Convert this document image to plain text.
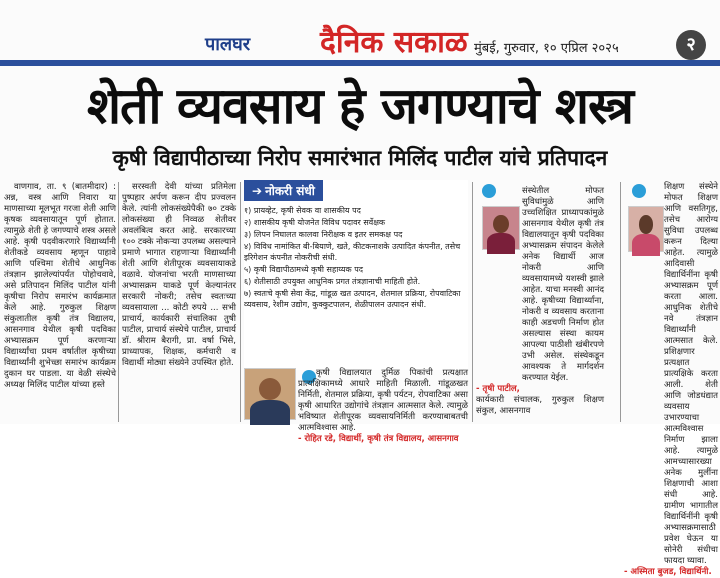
पालघर दैनिक सकाळ मुंबई, गुरुवार, १० एप्रिल २०२५	२
शेती व्यवसाय हे जगण्याचे शस्त्र
कृषी विद्यापीठाच्या निरोप समारंभात मिलिंद पाटील यांचे प्रतिपादन

वाणगाव, ता. ९ (बातमीदार) : अन्न, वस्त्र आणि निवारा या माणसाच्या मूलभूत गरजा शेती आणि कृषक व्यवसायातून पूर्ण होतात. त्यामुळे शेती हे जगण्याचे शस्त्र असले आहे. कृषी पदवीकरणारे विद्यार्थ्यांनी शेतीकडे व्यवसाय म्हणून पाहावे आणि पश्चिमा शेतीचे आधुनिक तंत्रज्ञान झालेल्यांपर्यंत पोहोचवावे, असे प्रतिपादन मिलिंद पाटील यांनी कृषीचा निरोप समारंभ कार्यक्रमात केले आहे. गुरुकुल शिक्षण संकुलातील कृषी तंत्र विद्यालय, आसनगाव येथील कृषी पदविका अभ्यासक्रम पूर्ण करणाऱ्या विद्यार्थ्यांचा प्रथम वर्षातील कृषीच्या विद्यार्थ्यांनी शुभेच्छा समारंभ कार्यक्रम दुकान घर पाडला. या वेळी संस्थेचे अध्यक्ष मिलिंद पाटील यांच्या हस्ते

सरस्वती देवी यांच्या प्रतिमेला पुष्पहार अर्पण करून दीप प्रज्वलन केले. त्यांनी लोकसंख्येपैकी ७० टक्के लोकसंख्या ही निव्वळ शेतीवर अवलंबित्व करत आहे. सरकारच्या १०० टक्के नोकऱ्या उपलब्ध असल्याने प्रमाणे भागात राहणाऱ्या विद्यार्थ्यांनी शेती आणि शेतीपूरक व्यवसायाकडे वळावे. योजनांचा भरती माणसाच्या अभ्यासक्रम याकडे पूर्ण केल्यानंतर सरकारी नोकरी; तसेच स्वतःच्या व्यवसायाला ... कोटी रुपये ... सभी प्राचार्य, कार्यकारी संचालिका तुषी पाटील, प्राचार्य संस्थेचे पाटील, प्राचार्य डॉ. श्रीराम बैरागी, प्रा. वर्षा भिसे, प्राध्यापक, शिक्षक, कर्मचारी व विद्यार्थी मोठ्या संख्येने उपस्थित होते.

➔ नोकरी संधी
१) प्रायव्हेट, कृषी सेवक वा शासकीय पद
२) शासकीय कृषी योजनेत विविध पदावर सर्वेक्षक
३) लिपन निघालत कालवा निरीक्षक व इतर समकक्ष पद
४) विविध नामांकित बी-बियाणे, खते, कीटकनाशके उत्पादित कंपनीत, तसेच इरिगेशन कंपनीत नोकरीची संधी.
५) कृषी विद्यापीठामध्ये कृषी सहाय्यक पद
६) शेतीसाठी उपयुक्त आधुनिक प्रगत तंत्रज्ञानाची माहिती होते.
७) स्वतःचे कृषी सेवा केंद्र, गांडूळ खत उत्पादन, शेतमाल प्रक्रिया, रोपवाटिका व्यवसाय, रेशीम उद्योग, कुक्कुटपालन, शेळीपालन उत्पादन संधी.

कृषी विद्यालयात दुर्मिळ पिकांची प्रत्यक्षात प्रात्यक्षिकामध्ये आधारे माहिती मिळाली. गांडूळखत निर्मिती, शेतमाल प्रक्रिया, कृषी पर्यटन, रोपवाटिका असा कृषी आधारित उद्योगांचे तंत्रज्ञान आत्मसात केले. त्यामुळे भविष्यात शेतीपूरक व्यवसायनिर्मिती करण्याबाबतची आत्मविश्वास आहे.

- रोहित रडे, विद्यार्थी, कृषी तंत्र विद्यालय, आसनगाव

संस्थेतील मोफत सुविधांमुळे आणि उच्चशिक्षित प्राध्यापकांमुळे आसनगाव येथील कृषी तंत्र विद्यालयातून कृषी पदविका अभ्यासक्रम संपादन केलेले अनेक विद्यार्थी आज नोकरी आणि व्यवसायामध्ये यशस्वी झाले आहेत. याचा मनस्वी आनंद आहे. कृषीच्या विद्यार्थ्यांना, नोकरी व व्यवसाय करताना काही अडचणी निर्माण होत असल्यास संस्था कायम आपल्या पाठीशी खंबीरपणे उभी असेल. संस्थेकडून आवश्यक ते मार्गदर्शन करण्यात येईल.

- तृषी पाटील,
कार्यकारी संचालक, गुरुकुल शिक्षण संकुल, आसनगाव

शिक्षण संस्थेने मोफत शिक्षण आणि वसतिगृह, तसेच आरोग्य सुविधा उपलब्ध करून दिल्या आहेत. त्यामुळे आदिवासी विद्यार्थिनींना कृषी अभ्यासक्रम पूर्ण करता आला. आधुनिक शेतीचे नवे तंत्रज्ञान विद्यार्थ्यांनी आत्मसात केले. प्रशिक्षणार प्रत्यक्षात प्रात्यक्षिके करता आली. शेती आणि जोडधंद्यात व्यवसाय उभारण्याचा आत्मविश्वास निर्माण झाला आहे. त्यामुळे आमच्यासारख्या अनेक मुलींना शिक्षणाची आशा संधी आहे. ग्रामीण भागातील विद्यार्थिनींनी कृषी अभ्यासक्रमासाठी प्रवेश घेऊन या सोनेरी संधीचा फायदा घ्यावा.

- अस्मिता बुजड, विद्यार्थिनी.
